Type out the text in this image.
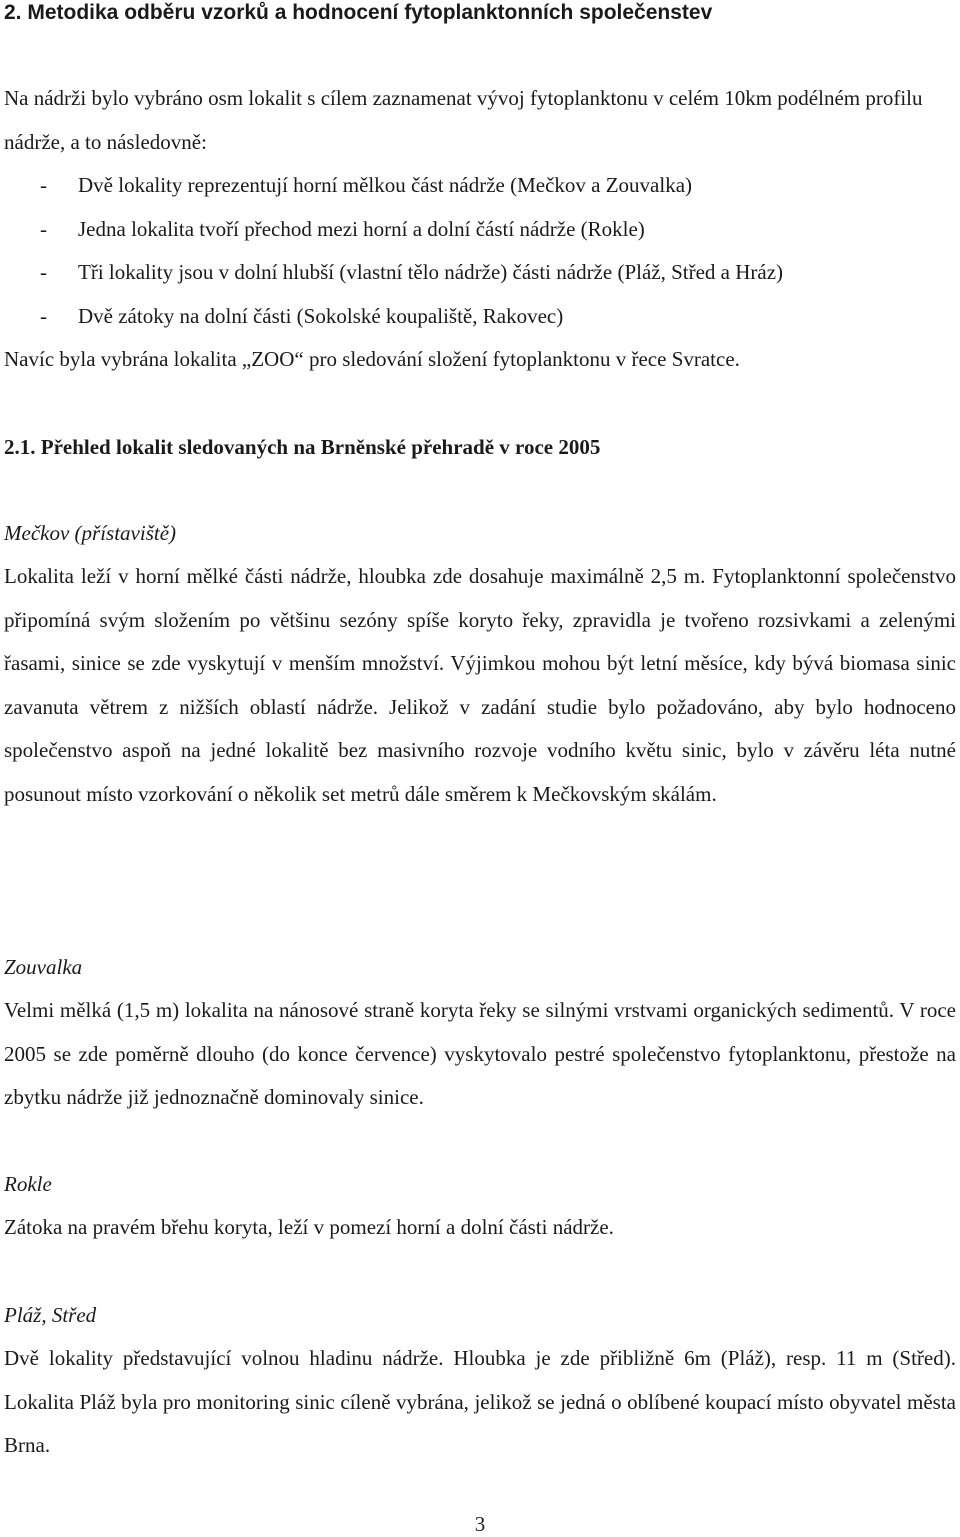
2. Metodika odběru vzorků a hodnocení fytoplanktonních společenstev

Na nádrži bylo vybráno osm lokalit s cílem zaznamenat vývoj fytoplanktonu v celém 10km podélném profilu nádrže, a to následovně:

- Dvě lokality reprezentují horní mělkou část nádrže (Mečkov a Zouvalka)
- Jedna lokalita tvoří přechod mezi horní a dolní částí nádrže (Rokle)
- Tři lokality jsou v dolní hlubší (vlastní tělo nádrže) části nádrže (Pláž, Střed a Hráz)
- Dvě zátoky na dolní části (Sokolské koupaliště, Rakovec)

Navíc byla vybrána lokalita „ZOO“ pro sledování složení fytoplanktonu v řece Svratce.

2.1. Přehled lokalit sledovaných na Brněnské přehradě v roce 2005
Mečkov (přístaviště)

Lokalita leží v horní mělké části nádrže, hloubka zde dosahuje maximálně 2,5 m. Fytoplanktonní společenstvo připomíná svým složením po většinu sezóny spíše koryto řeky, zpravidla je tvořeno rozsivkami a zelenými řasami, sinice se zde vyskytují v menším množství. Výjimkou mohou být letní měsíce, kdy bývá biomasa sinic zavanuta větrem z nižších oblastí nádrže. Jelikož v zadání studie bylo požadováno, aby bylo hodnoceno společenstvo aspoň na jedné lokalitě bez masivního rozvoje vodního květu sinic, bylo v závěru léta nutné posunout místo vzorkování o několik set metrů dále směrem k Mečkovským skálám.

Zouvalka

Velmi mělká (1,5 m) lokalita na nánosové straně koryta řeky se silnými vrstvami organických sedimentů. V roce 2005 se zde poměrně dlouho (do konce července) vyskytovalo pestré společenstvo fytoplanktonu, přestože na zbytku nádrže již jednoznačně dominovaly sinice.

Rokle

Zátoka na pravém břehu koryta, leží v pomezí horní a dolní části nádrže.

Pláž, Střed

Dvě lokality představující volnou hladinu nádrže. Hloubka je zde přibližně 6m (Pláž), resp. 11 m (Střed). Lokalita Pláž byla pro monitoring sinic cíleně vybrána, jelikož se jedná o oblíbené koupací místo obyvatel města Brna.

3
